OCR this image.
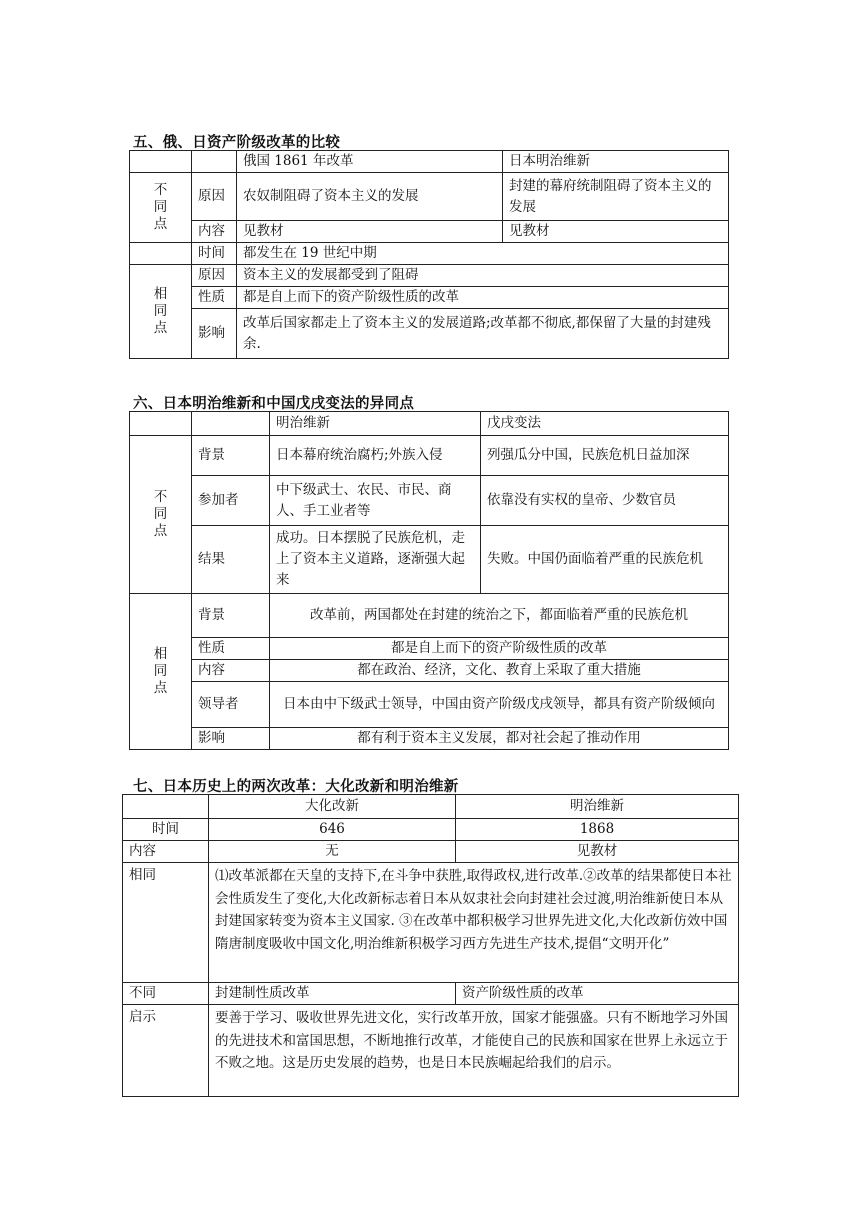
五、俄、日资产阶级改革的比较
		俄国 1861 年改革	日本明治维新

不
同
点	原因	农奴制阻碍了资本主义的发展	封建的幕府统制阻碍了资本主义的发展
	内容	见教材	见教材
	时间	都发生在 19 世纪中期	

相
同
点	原因	资本主义的发展都受到了阻碍	
	性质	都是自上而下的资产阶级性质的改革	
	影响	改革后国家都走上了资本主义的发展道路;改革都不彻底,都保留了大量的封建残余.	
六、日本明治维新和中国戊戌变法的异同点
		明治维新	戊戌变法

不
同
点	背景	日本幕府统治腐朽;外族入侵	列强瓜分中国，民族危机日益加深
	参加者	中下级武士、农民、市民、商人、手工业者等	依靠没有实权的皇帝、少数官员
	结果	成功。日本摆脱了民族危机，走上了资本主义道路，逐渐强大起来	失败。中国仍面临着严重的民族危机

相
同
点	背景	改革前，两国都处在封建的统治之下，都面临着严重的民族危机	
	性质	都是自上而下的资产阶级性质的改革	
	内容	都在政治、经济，文化、教育上采取了重大措施	
	领导者	日本由中下级武士领导，中国由资产阶级戊戌领导，都具有资产阶级倾向	
	影响	都有利于资本主义发展，都对社会起了推动作用	
七、日本历史上的两次改革：大化改新和明治维新
	大化改新	明治维新
时间	646	1868
内容	无	见教材
相同	⑴改革派都在天皇的支持下,在斗争中获胜,取得政权,进行改革.②改革的结果都使日本社会性质发生了变化,大化改新标志着日本从奴隶社会向封建社会过渡,明治维新使日本从封建国家转变为资本主义国家. ③在改革中都积极学习世界先进文化,大化改新仿效中国隋唐制度吸收中国文化,明治维新积极学习西方先进生产技术,提倡“文明开化”	
不同	封建制性质改革	资产阶级性质的改革
启示	要善于学习、吸收世界先进文化，实行改革开放，国家才能强盛。只有不断地学习外国的先进技术和富国思想，不断地推行改革，才能使自己的民族和国家在世界上永远立于不败之地。这是历史发展的趋势，也是日本民族崛起给我们的启示。	
